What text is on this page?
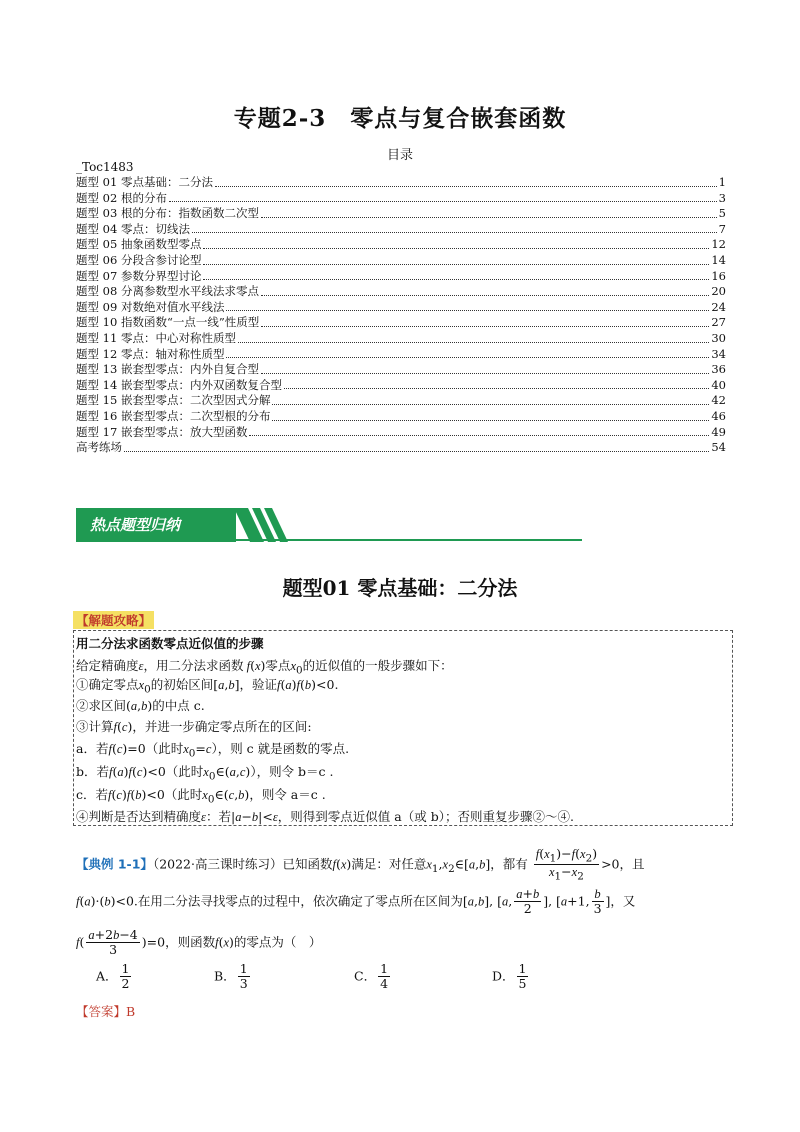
专题2-3　零点与复合嵌套函数
目录
_Toc1483
题型 01 零点基础：二分法	1
题型 02 根的分布	3
题型 03 根的分布：指数函数二次型	5
题型 04 零点：切线法	7
题型 05 抽象函数型零点	12
题型 06 分段含参讨论型	14
题型 07 参数分界型讨论	16
题型 08 分离参数型水平线法求零点	20
题型 09 对数绝对值水平线法	24
题型 10 指数函数“一点一线”性质型	27
题型 11 零点：中心对称性质型	30
题型 12 零点：轴对称性质型	34
题型 13 嵌套型零点：内外自复合型	36
题型 14 嵌套型零点：内外双函数复合型	40
题型 15 嵌套型零点：二次型因式分解	42
题型 16 嵌套型零点：二次型根的分布	46
题型 17 嵌套型零点：放大型函数	49
高考练场	54
热点题型归纳
题型01 零点基础：二分法
【解题攻略】
用二分法求函数零点近似值的步骤
给定精确度ε，用二分法求函数 f(x)零点$x_0$的近似值的一般步骤如下：
①确定零点$x_0$的初始区间[a,b]，验证f(a)f(b)<0.
②求区间(a,b)的中点 c.
③计算f(c)，并进一步确定零点所在的区间:
a．若f(c)=0（此时$x_0=c$），则 c 就是函数的零点.
b．若f(a)f(c)<0（此时$x_0\in(a,c)$），则令 b＝c .
c．若f(c)f(b)<0（此时$x_0\in(c,b)$，则令 a＝c .
④判断是否达到精确度ε：若|a−b|<ε，则得到零点近似值 a（或 b）；否则重复步骤②～④.
【典例 1-1】（2022·高三课时练习）已知函数f(x)满足：对任意$x_1,x_2\in[a,b]$，都有 $\frac{f(x_1)-f(x_2)}{x_1-x_2} >0$，且
f(a)·(b)<0.在用二分法寻找零点的过程中，依次确定了零点所在区间为[a,b], [a, $\frac{a+b}{2}$ ], [a+1, $\frac{b}{3}$ ]，又
$f( \frac{a+2b-4}{3} )=0$，则函数f(x)的零点为（　）
A． $\frac{1}{2}$	B． $\frac{1}{3}$	C． $\frac{1}{4}$	D． $\frac{1}{5}$
【答案】B
